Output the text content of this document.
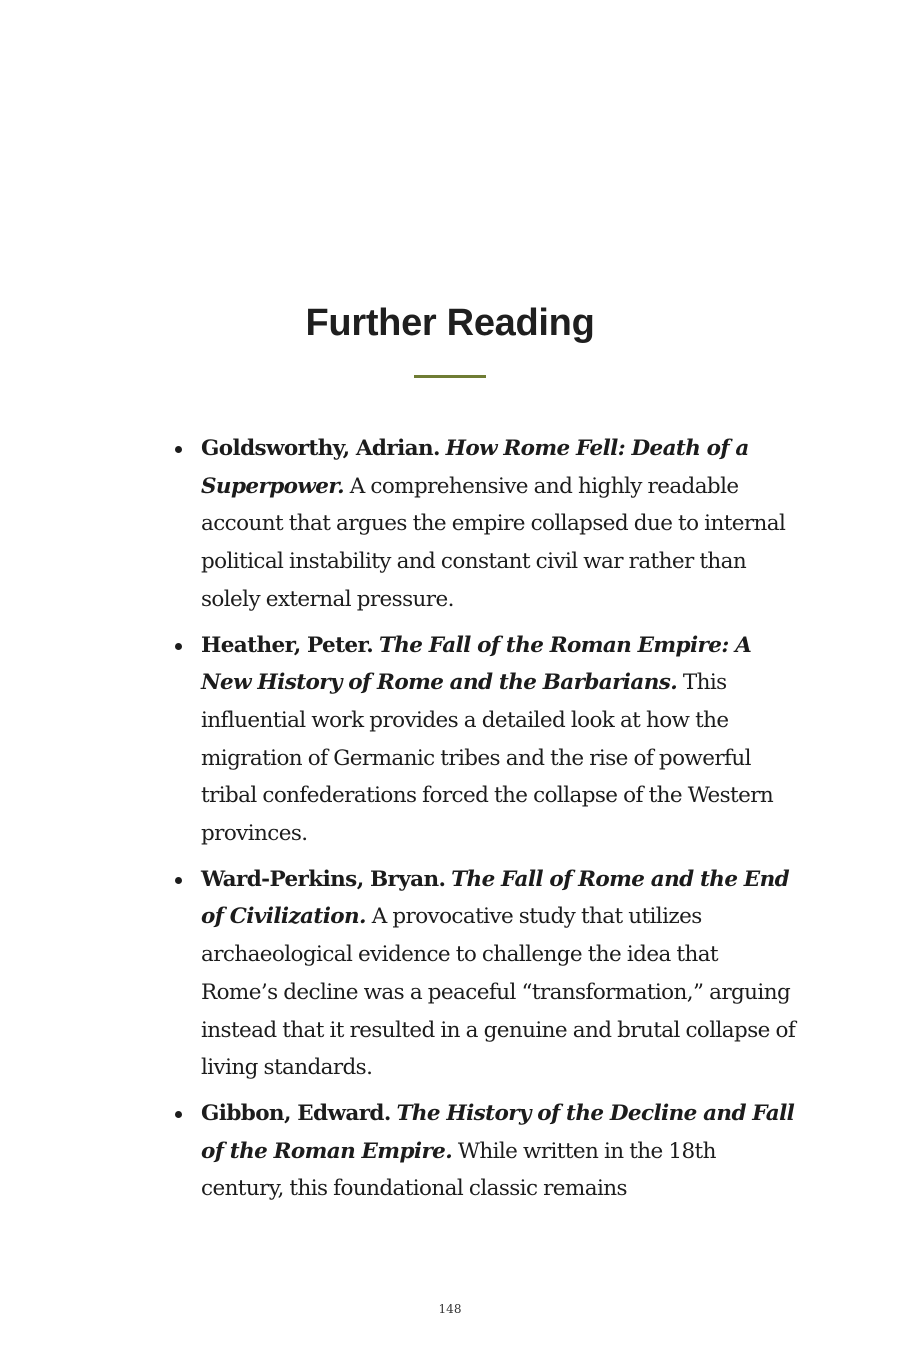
Further Reading
Goldsworthy, Adrian. How Rome Fell: Death of a Superpower. A comprehensive and highly readable account that argues the empire collapsed due to internal political instability and constant civil war rather than solely external pressure.
Heather, Peter. The Fall of the Roman Empire: A New History of Rome and the Barbarians. This influential work provides a detailed look at how the migration of Germanic tribes and the rise of powerful tribal confederations forced the collapse of the Western provinces.
Ward-Perkins, Bryan. The Fall of Rome and the End of Civilization. A provocative study that utilizes archaeological evidence to challenge the idea that Rome’s decline was a peaceful “transformation,” arguing instead that it resulted in a genuine and brutal collapse of living standards.
Gibbon, Edward. The History of the Decline and Fall of the Roman Empire. While written in the 18th century, this foundational classic remains
148
